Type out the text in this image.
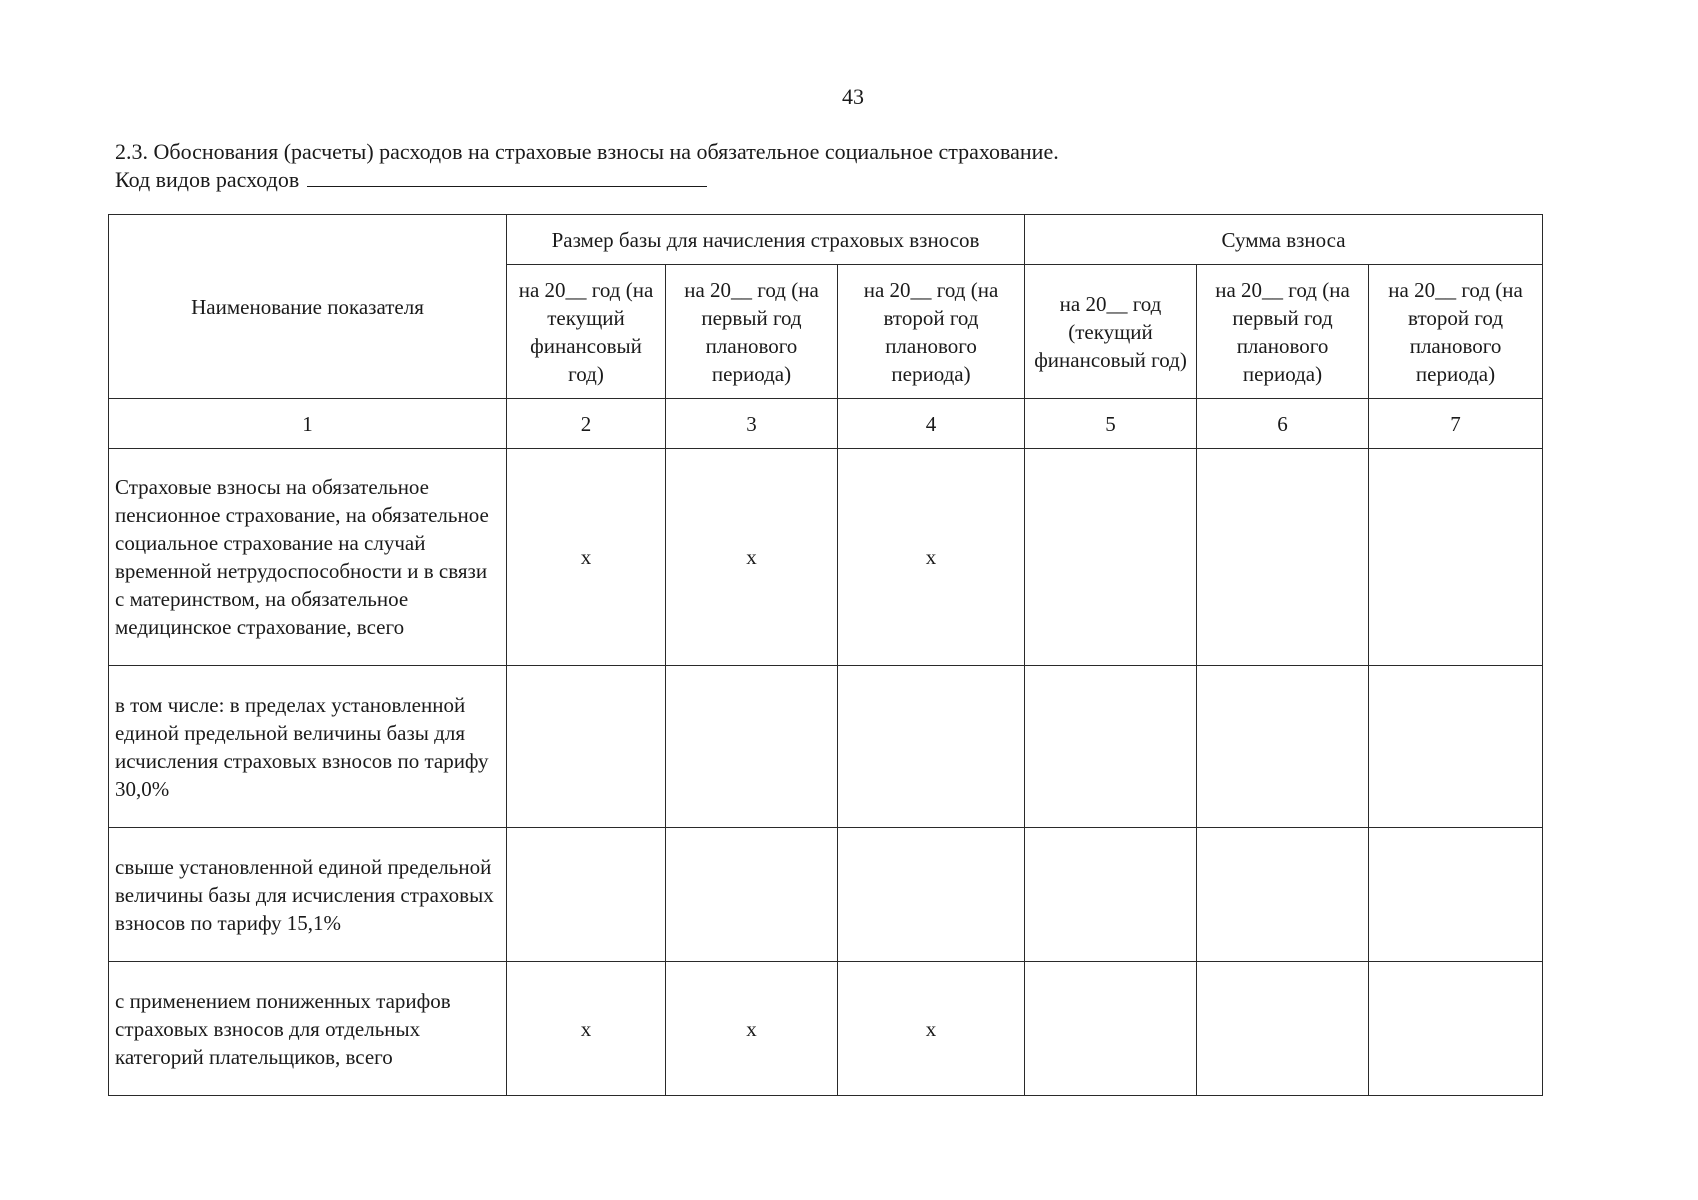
43
2.3. Обоснования (расчеты) расходов на страховые взносы на обязательное социальное страхование.
Код видов расходов
Наименование показателя	Размер базы для начисления страховых взносов			Сумма взноса		
	на 20__ год (на текущий финансовый год)	на 20__ год (на первый год планового периода)	на 20__ год (на второй год планового периода)	на 20__ год (текущий финансовый год)	на 20__ год (на первый год планового периода)	на 20__ год (на второй год планового периода)
1	2	3	4	5	6	7
Страховые взносы на обязательное пенсионное страхование, на обязательное социальное страхование на случай временной нетрудоспособности и в связи с материнством, на обязательное медицинское страхование, всего	x	x	x			
в том числе: в пределах установленной единой предельной величины базы для исчисления страховых взносов по тарифу 30,0%						
свыше установленной единой предельной величины базы для исчисления страховых взносов по тарифу 15,1%						
с применением пониженных тарифов страховых взносов для отдельных категорий плательщиков, всего	x	x	x			
